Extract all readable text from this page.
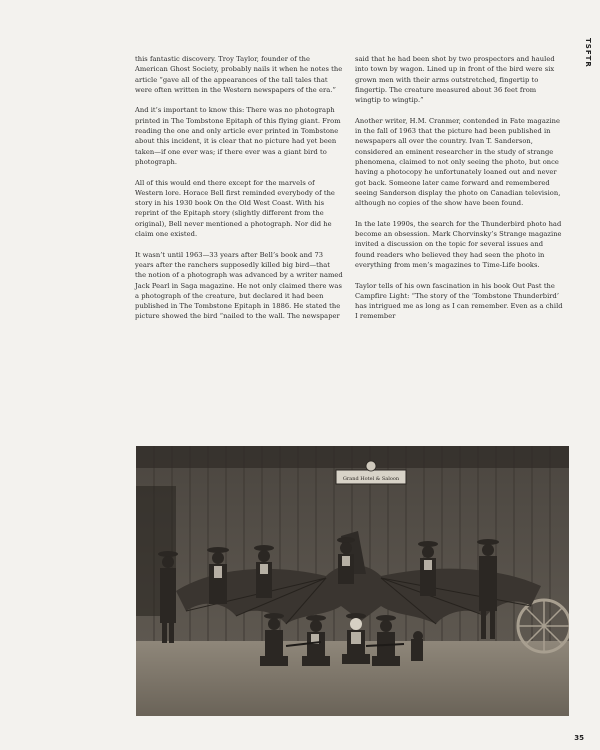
TSFTR

this fantastic discovery. Troy Taylor, founder of the American Ghost Society, probably nails it when he notes the article “gave all of the appearances of the tall tales that were often written in the Western newspapers of the era.”

And it’s important to know this: There was no photograph printed in The Tombstone Epitaph of this flying giant. From reading the one and only article ever printed in Tombstone about this incident, it is clear that no picture had yet been taken—if one ever was; if there ever was a giant bird to photograph.

All of this would end there except for the marvels of Western lore. Horace Bell first reminded everybody of the story in his 1930 book On the Old West Coast. With his reprint of the Epitaph story (slightly different from the original), Bell never mentioned a photograph. Nor did he claim one existed.

It wasn’t until 1963—33 years after Bell’s book and 73 years after the ranchers supposedly killed big bird—that the notion of a photograph was advanced by a writer named Jack Pearl in Saga magazine. He not only claimed there was a photograph of the creature, but declared it had been published in The Tombstone Epitaph in 1886. He stated the picture showed the bird “nailed to the wall. The newspaper

said that he had been shot by two prospectors and hauled into town by wagon. Lined up in front of the bird were six grown men with their arms outstretched, fingertip to fingertip. The creature measured about 36 feet from wingtip to wingtip.”

Another writer, H.M. Cranmer, contended in Fate magazine in the fall of 1963 that the picture had been published in newspapers all over the country. Ivan T. Sanderson, considered an eminent researcher in the study of strange phenomena, claimed to not only seeing the photo, but once having a photocopy he unfortunately loaned out and never got back. Someone later came forward and remembered seeing Sanderson display the photo on Canadian television, although no copies of the show have been found.

In the late 1990s, the search for the Thunderbird photo had become an obsession. Mark Chorvinsky’s Strange magazine invited a discussion on the topic for several issues and found readers who believed they had seen the photo in everything from men’s magazines to Time-Life books.

Taylor tells of his own fascination in his book Out Past the Campfire Light: “The story of the ‘Tombstone Thunderbird’ has intrigued me as long as I can remember. Even as a child I remember

Grand Hotel & Saloon
35
